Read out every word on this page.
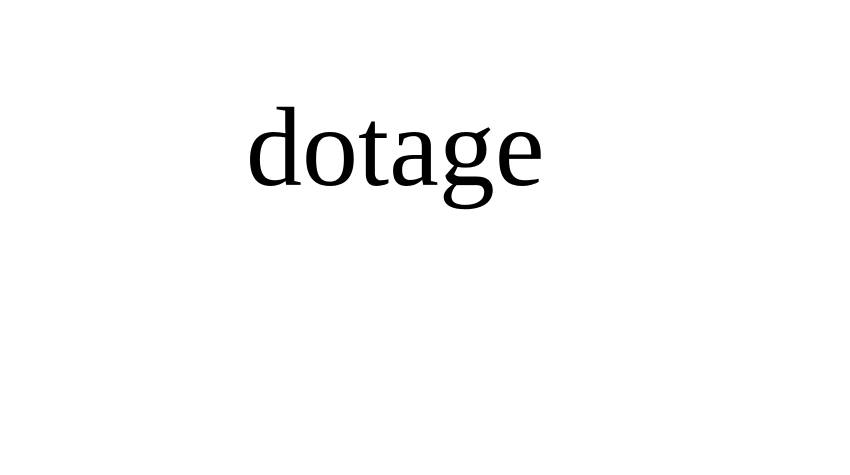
dotage
